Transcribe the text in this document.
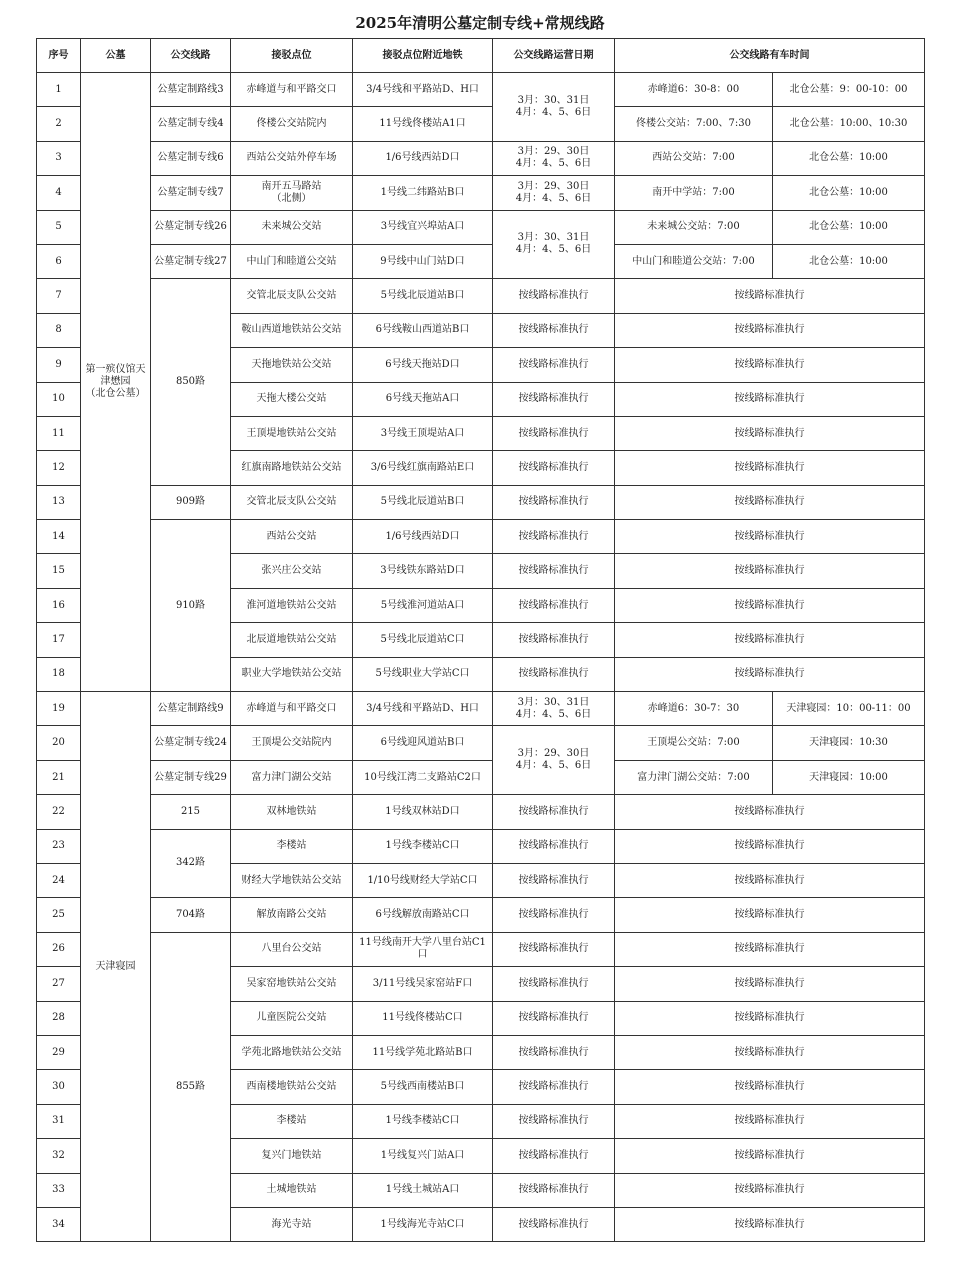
2025年清明公墓定制专线+常规线路
序号	公墓	公交线路	接驳点位	接驳点位附近地铁	公交线路运营日期	公交线路有车时间	
1	第一殡仪馆天
津懋园
（北仓公墓）	公墓定制路线3	赤峰道与和平路交口	3/4号线和平路站D、H口	3月：30、31日
4月：4、5、6日	赤峰道6：30-8：00	北仓公墓：9：00-10：00
2		公墓定制专线4	佟楼公交站院内	11号线佟楼站A1口		佟楼公交站：7:00、7:30	北仓公墓：10:00、10:30
3		公墓定制专线6	西站公交站外停车场	1/6号线西站D口	3月：29、30日
4月：4、5、6日	西站公交站：7:00	北仓公墓：10:00
4		公墓定制专线7	南开五马路站
（北侧）	1号线二纬路站B口	3月：29、30日
4月：4、5、6日	南开中学站：7:00	北仓公墓：10:00
5		公墓定制专线26	未来城公交站	3号线宜兴埠站A口	3月：30、31日
4月：4、5、6日	未来城公交站：7:00	北仓公墓：10:00
6		公墓定制专线27	中山门和睦道公交站	9号线中山门站D口		中山门和睦道公交站：7:00	北仓公墓：10:00
7		850路	交管北辰支队公交站	5号线北辰道站B口	按线路标准执行	按线路标准执行	
8			鞍山西道地铁站公交站	6号线鞍山西道站B口	按线路标准执行	按线路标准执行	
9			天拖地铁站公交站	6号线天拖站D口	按线路标准执行	按线路标准执行	
10			天拖大楼公交站	6号线天拖站A口	按线路标准执行	按线路标准执行	
11			王顶堤地铁站公交站	3号线王顶堤站A口	按线路标准执行	按线路标准执行	
12			红旗南路地铁站公交站	3/6号线红旗南路站E口	按线路标准执行	按线路标准执行	
13		909路	交管北辰支队公交站	5号线北辰道站B口	按线路标准执行	按线路标准执行	
14		910路	西站公交站	1/6号线西站D口	按线路标准执行	按线路标准执行	
15			张兴庄公交站	3号线铁东路站D口	按线路标准执行	按线路标准执行	
16			淮河道地铁站公交站	5号线淮河道站A口	按线路标准执行	按线路标准执行	
17			北辰道地铁站公交站	5号线北辰道站C口	按线路标准执行	按线路标准执行	
18			职业大学地铁站公交站	5号线职业大学站C口	按线路标准执行	按线路标准执行	
19	天津寝园	公墓定制路线9	赤峰道与和平路交口	3/4号线和平路站D、H口	3月：30、31日
4月：4、5、6日	赤峰道6：30-7：30	天津寝园：10：00-11：00
20		公墓定制专线24	王顶堤公交站院内	6号线迎风道站B口	3月：29、30日
4月：4、5、6日	王顶堤公交站：7:00	天津寝园：10:30
21		公墓定制专线29	富力津门湖公交站	10号线江湾二支路站C2口		富力津门湖公交站：7:00	天津寝园：10:00
22		215	双林地铁站	1号线双林站D口	按线路标准执行	按线路标准执行	
23		342路	李楼站	1号线李楼站C口	按线路标准执行	按线路标准执行	
24			财经大学地铁站公交站	1/10号线财经大学站C口	按线路标准执行	按线路标准执行	
25		704路	解放南路公交站	6号线解放南路站C口	按线路标准执行	按线路标准执行	
26		855路	八里台公交站	11号线南开大学八里台站C1口	按线路标准执行	按线路标准执行	
27			吴家窑地铁站公交站	3/11号线吴家窑站F口	按线路标准执行	按线路标准执行	
28			儿童医院公交站	11号线佟楼站C口	按线路标准执行	按线路标准执行	
29			学苑北路地铁站公交站	11号线学苑北路站B口	按线路标准执行	按线路标准执行	
30			西南楼地铁站公交站	5号线西南楼站B口	按线路标准执行	按线路标准执行	
31			李楼站	1号线李楼站C口	按线路标准执行	按线路标准执行	
32			复兴门地铁站	1号线复兴门站A口	按线路标准执行	按线路标准执行	
33			土城地铁站	1号线土城站A口	按线路标准执行	按线路标准执行	
34			海光寺站	1号线海光寺站C口	按线路标准执行	按线路标准执行	
